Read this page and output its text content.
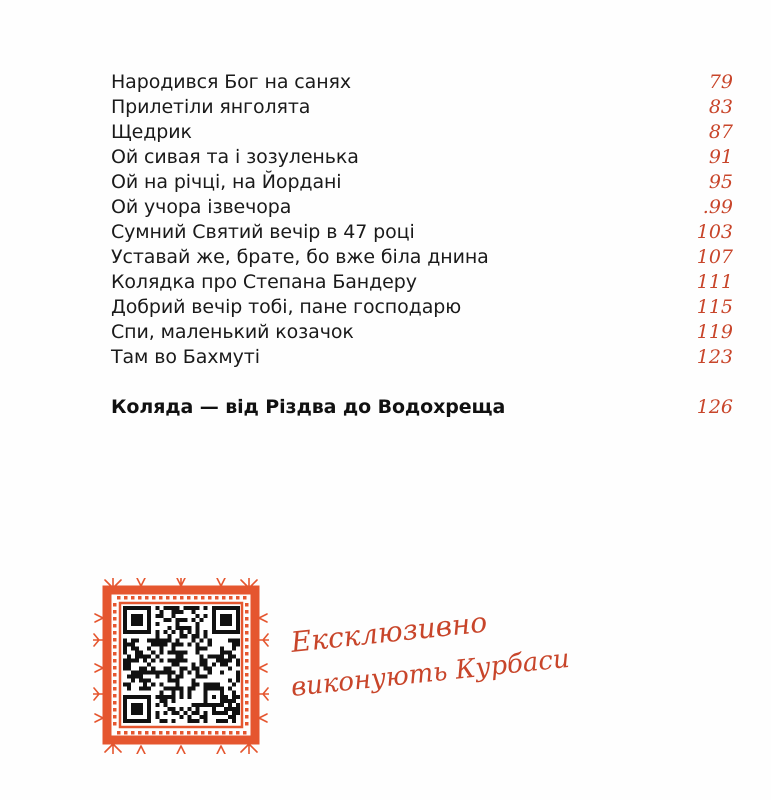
Народився Бог на санях	79
Прилетіли янголята	83
Щедрик	87
Ой сивая та і зозуленька	91
Ой на річці, на Йордані	95
Ой учора ізвечора	.99
Сумний Святий вечір в 47 році	103
Уставай же, брате, бо вже біла днина	107
Колядка про Степана Бандеру	111
Добрий вечір тобі, пане господарю	115
Спи, маленький козачок	119
Там во Бахмуті	123
Коляда — від Різдва до Водохреща	126
Ексклюзивно
виконують Курбаси
